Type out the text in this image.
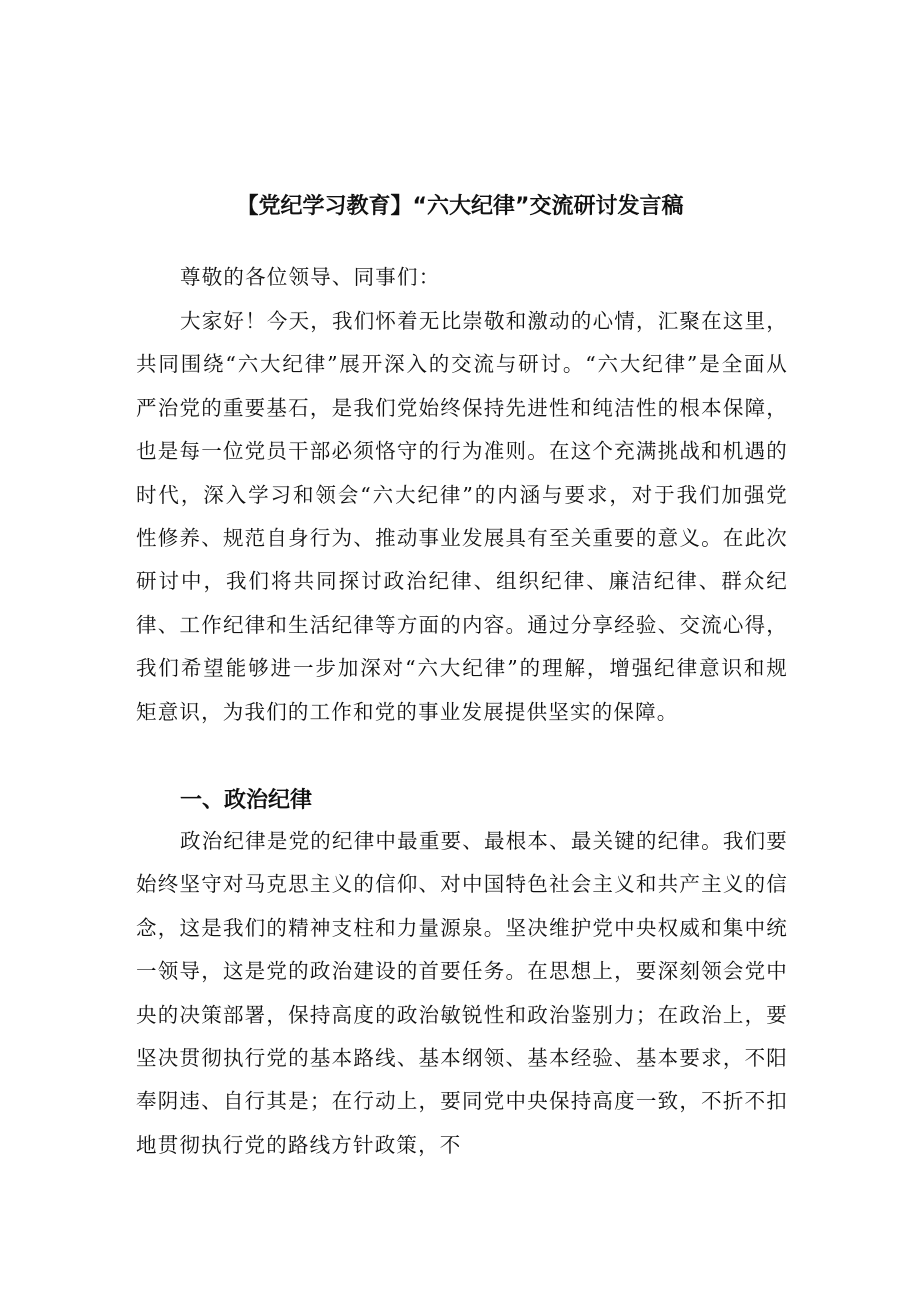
【党纪学习教育】“六大纪律”交流研讨发言稿

尊敬的各位领导、同事们：

大家好！今天，我们怀着无比崇敬和激动的心情，汇聚在这里，共同围绕“六大纪律”展开深入的交流与研讨。“六大纪律”是全面从严治党的重要基石，是我们党始终保持先进性和纯洁性的根本保障，也是每一位党员干部必须恪守的行为准则。在这个充满挑战和机遇的时代，深入学习和领会“六大纪律”的内涵与要求，对于我们加强党性修养、规范自身行为、推动事业发展具有至关重要的意义。在此次研讨中，我们将共同探讨政治纪律、组织纪律、廉洁纪律、群众纪律、工作纪律和生活纪律等方面的内容。通过分享经验、交流心得，我们希望能够进一步加深对“六大纪律”的理解，增强纪律意识和规矩意识，为我们的工作和党的事业发展提供坚实的保障。

一、政治纪律

政治纪律是党的纪律中最重要、最根本、最关键的纪律。我们要始终坚守对马克思主义的信仰、对中国特色社会主义和共产主义的信念，这是我们的精神支柱和力量源泉。坚决维护党中央权威和集中统一领导，这是党的政治建设的首要任务。在思想上，要深刻领会党中央的决策部署，保持高度的政治敏锐性和政治鉴别力；在政治上，要坚决贯彻执行党的基本路线、基本纲领、基本经验、基本要求，不阳奉阴违、自行其是；在行动上，要同党中央保持高度一致，不折不扣地贯彻执行党的路线方针政策，不
